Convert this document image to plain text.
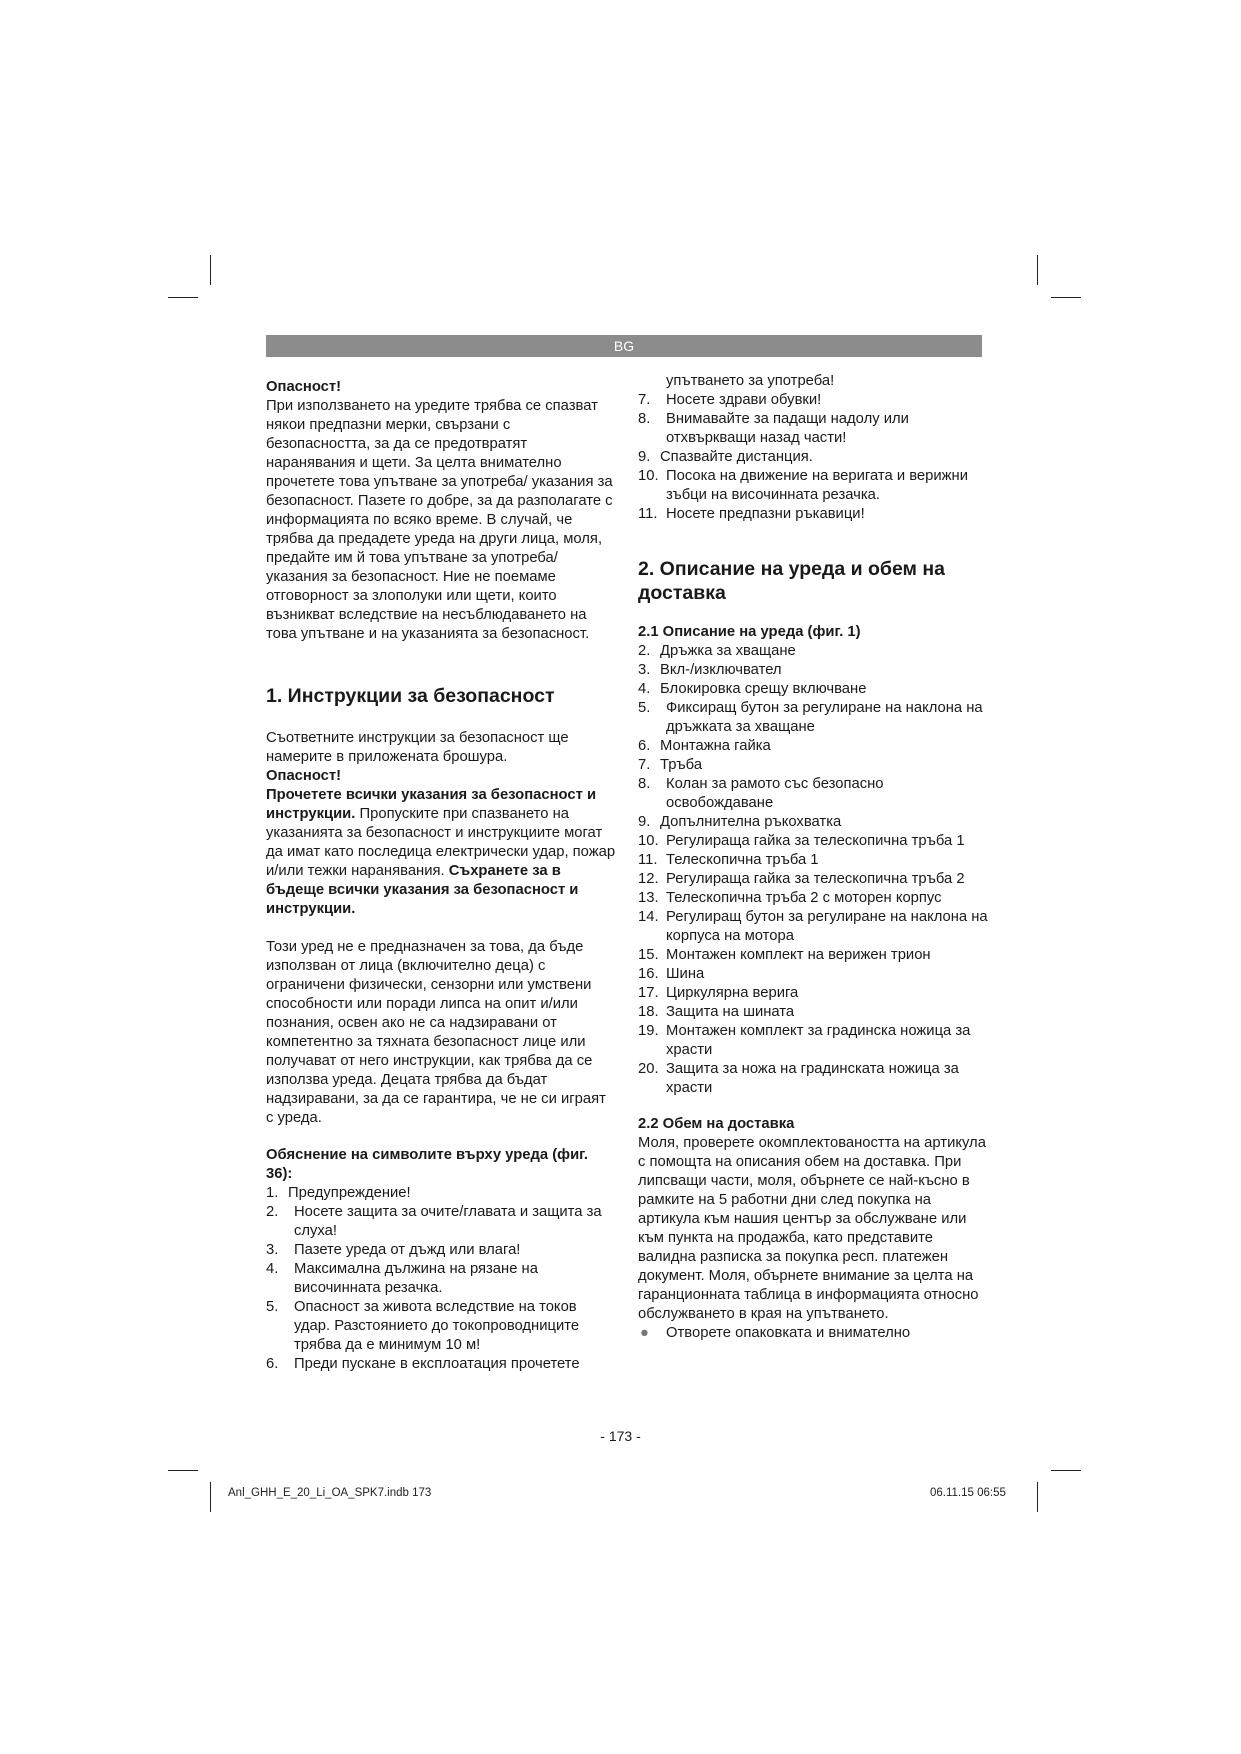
BG

Опасност!

При използването на уредите трябва се спазват някои предпазни мерки, свързани с безопасността, за да се предотвратят наранявания и щети. За целта внимателно прочетете това упътване за употреба/ указания за безопасност. Пазете го добре, за да разполагате с информацията по всяко време. В случай, че трябва да предадете уреда на други лица, моля, предайте им й това упътване за употреба/указания за безопасност. Ние не поемаме отговорност за злополуки или щети, които възникват вследствие на несъблюдаването на това упътване и на указанията за безопасност.

1. Инструкции за безопасност

Съответните инструкции за безопасност ще намерите в приложената брошура.

Опасност!

Прочетете всички указания за безопасност и инструкции. Пропуските при спазването на указанията за безопасност и инструкциите могат да имат като последица електрически удар, пожар и/или тежки наранявания. Съхранете за в бъдеще всички указания за безопасност и инструкции.

Този уред не е предназначен за това, да бъде използван от лица (включително деца) с ограничени физически, сензорни или умствени способности или поради липса на опит и/или познания, освен ако не са надзиравани от компетентно за тяхната безопасност лице или получават от него инструкции, как трябва да се използва уреда. Децата трябва да бъдат надзиравани, за да се гарантира, че не си играят с уреда.

Обяснение на символите върху уреда (фиг. 36):

1. Предупреждение!
2. Носете защита за очите/главата и защита за слуха!
3. Пазете уреда от дъжд или влага!
4. Максимална дължина на рязане на височинната резачка.
5. Опасност за живота вследствие на токов удар. Разстоянието до токопроводниците трябва да е минимум 10 м!
6. Преди пускане в експлоатация прочетете

упътването за употреба!

7. Носете здрави обувки!
8. Внимавайте за падащи надолу или отхвъркващи назад части!
9. Спазвайте дистанция.
10. Посока на движение на веригата и верижни зъбци на височинната резачка.
11. Носете предпазни ръкавици!

2. Описание на уреда и обем на доставка

2.1 Описание на уреда (фиг. 1)

2. Дръжка за хващане
3. Вкл-/изключвател
4. Блокировка срещу включване
5. Фиксиращ бутон за регулиране на наклона на дръжката за хващане
6. Монтажна гайка
7. Тръба
8. Колан за рамото със безопасно освобождаване
9. Допълнителна ръкохватка
10. Регулираща гайка за телескопична тръба 1
11. Телескопична тръба 1
12. Регулираща гайка за телескопична тръба 2
13. Телескопична тръба 2 с моторен корпус
14. Регулиращ бутон за регулиране на наклона на корпуса на мотора
15. Монтажен комплект на верижен трион
16. Шина
17. Циркулярна верига
18. Защита на шината
19. Монтажен комплект за градинска ножица за храсти
20. Защита за ножа на градинската ножица за храсти

2.2 Обем на доставка

Моля, проверете окомплектоваността на артикула с помощта на описания обем на доставка. При липсващи части, моля, обърнете се най-късно в рамките на 5 работни дни след покупка на артикула към нашия център за обслужване или към пункта на продажба, като представите валидна разписка за покупка респ. платежен документ. Моля, обърнете внимание за целта на гаранционната таблица в информацията относно обслужването в края на упътването.

● Отворете опаковката и внимателно
- 173 -
Anl_GHH_E_20_Li_OA_SPK7.indb 173	06.11.15 06:55
